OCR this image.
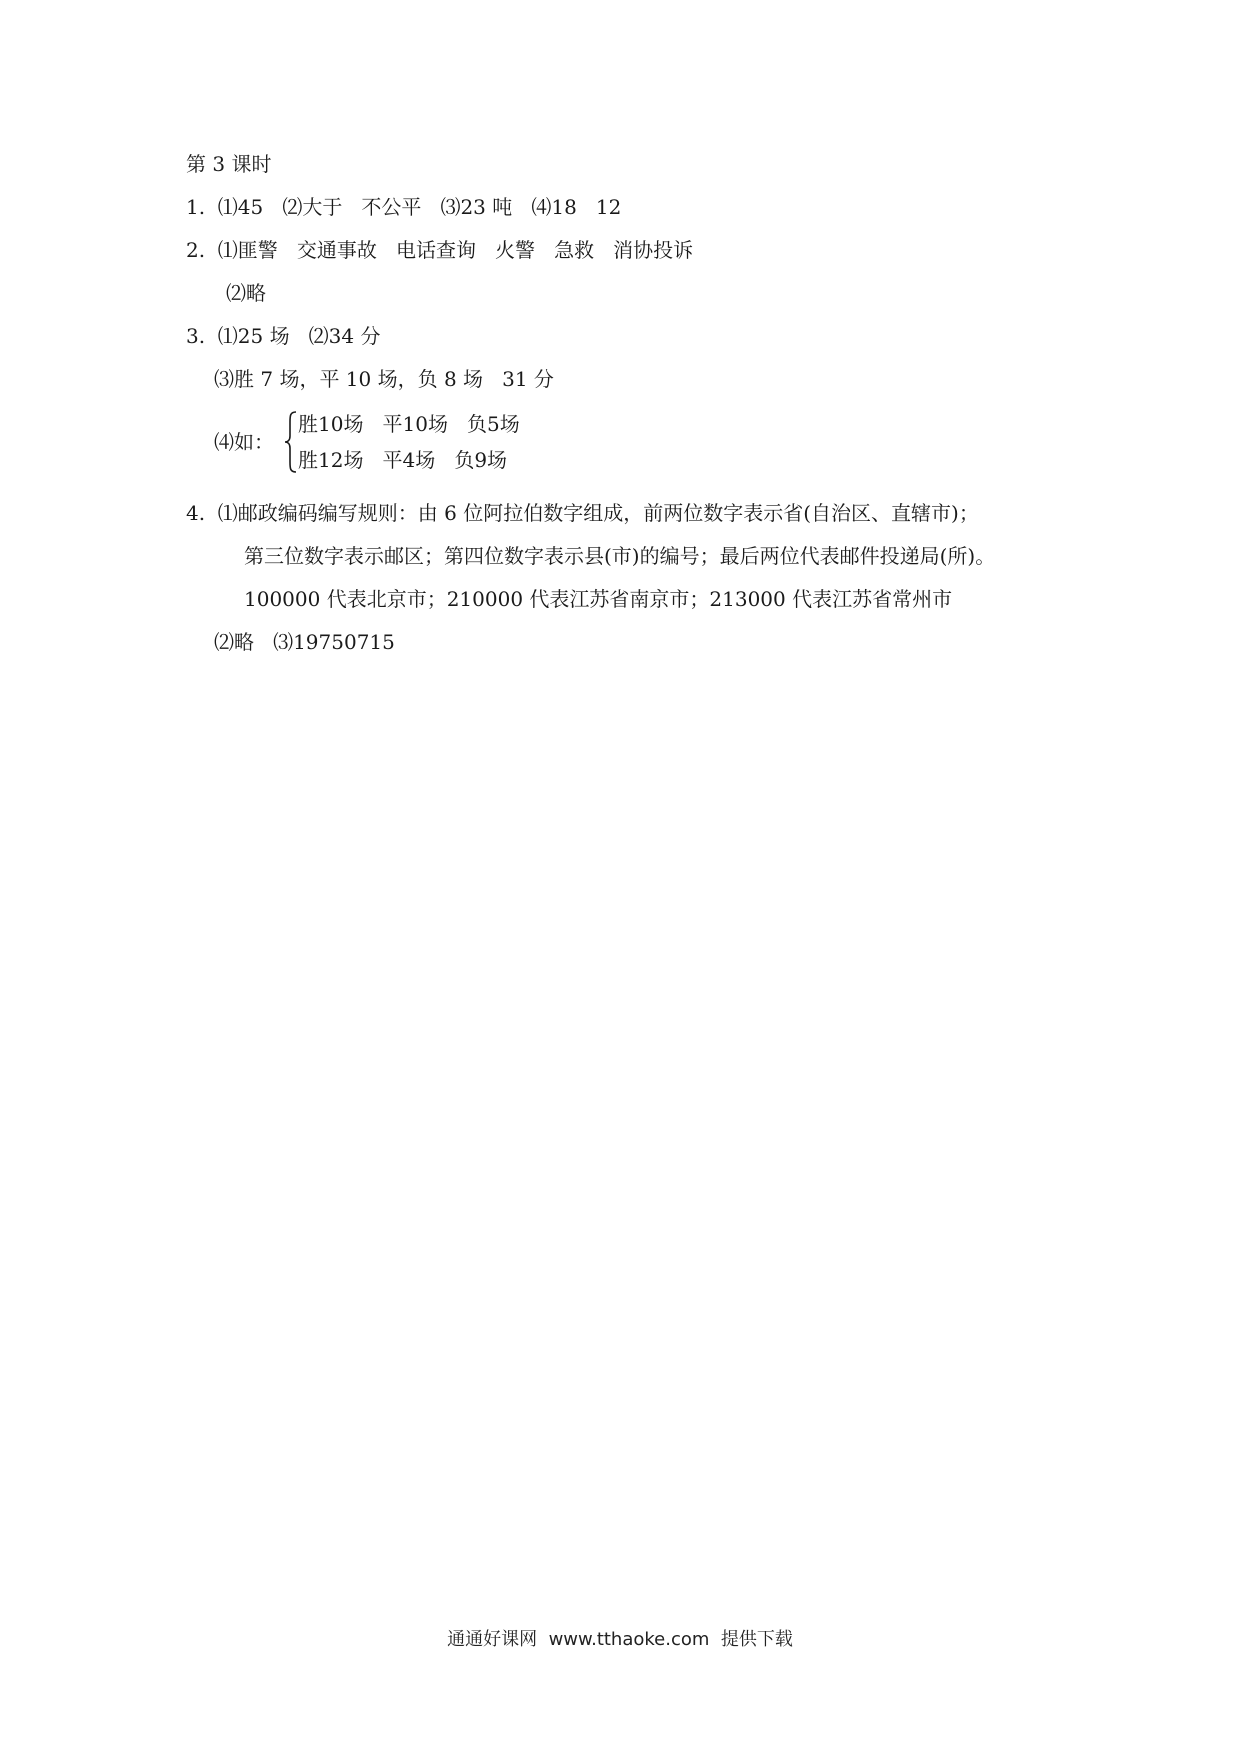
第 3 课时
1.  ⑴45   ⑵大于   不公平   ⑶23 吨   ⑷18   12
2.  ⑴匪警   交通事故   电话查询   火警   急救   消协投诉
⑵略
3.  ⑴25 场   ⑵34 分
⑶胜 7 场，平 10 场，负 8 场   31 分
⑷如：
胜10场   平10场   负5场
胜12场   平4场   负9场
4.  ⑴邮政编码编写规则：由 6 位阿拉伯数字组成，前两位数字表示省(自治区、直辖市)；
第三位数字表示邮区；第四位数字表示县(市)的编号；最后两位代表邮件投递局(所)。
100000 代表北京市；210000 代表江苏省南京市；213000 代表江苏省常州市
⑵略   ⑶19750715
通通好课网  www.tthaoke.com  提供下载
